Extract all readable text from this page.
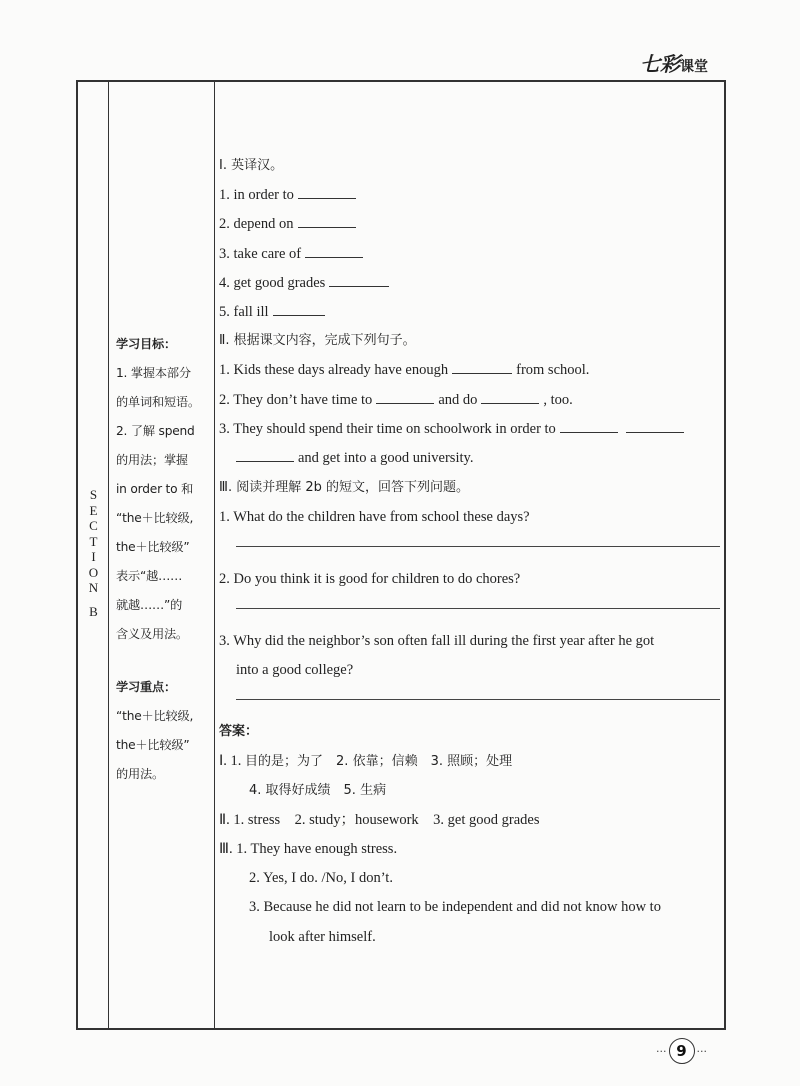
七彩课堂
S
E
C
T
I
O
N
B
学习目标：
1. 掌握本部分
的单词和短语。
2. 了解 spend
的用法；掌握
in order to 和
“the＋比较级,
the＋比较级”
表示“越……
就越……”的
含义及用法。
学习重点：
“the＋比较级,
the＋比较级”
的用法。
Ⅰ. 英译汉。
1. in order to
2. depend on
3. take care of
4. get good grades
5. fall ill
Ⅱ. 根据课文内容，完成下列句子。
1. Kids these days already have enough	from school.
2. They don’t have time to	and do	, too.
3. They should spend their time on schoolwork in order to
and get into a good university.
Ⅲ. 阅读并理解 2b 的短文，回答下列问题。
1. What do the children have from school these days?
2. Do you think it is good for children to do chores?
3. Why did the neighbor’s son often fall ill during the first year after he got
into a good college?
答案：
Ⅰ. 1. 目的是；为了　2. 依靠；信赖　3. 照顾；处理
4. 取得好成绩　5. 生病
Ⅱ. 1. stress　2. study；housework　3. get good grades
Ⅲ. 1. They have enough stress.
2. Yes, I do. /No, I don’t.
3. Because he did not learn to be independent and did not know how to
look after himself.
··· 9 ···
